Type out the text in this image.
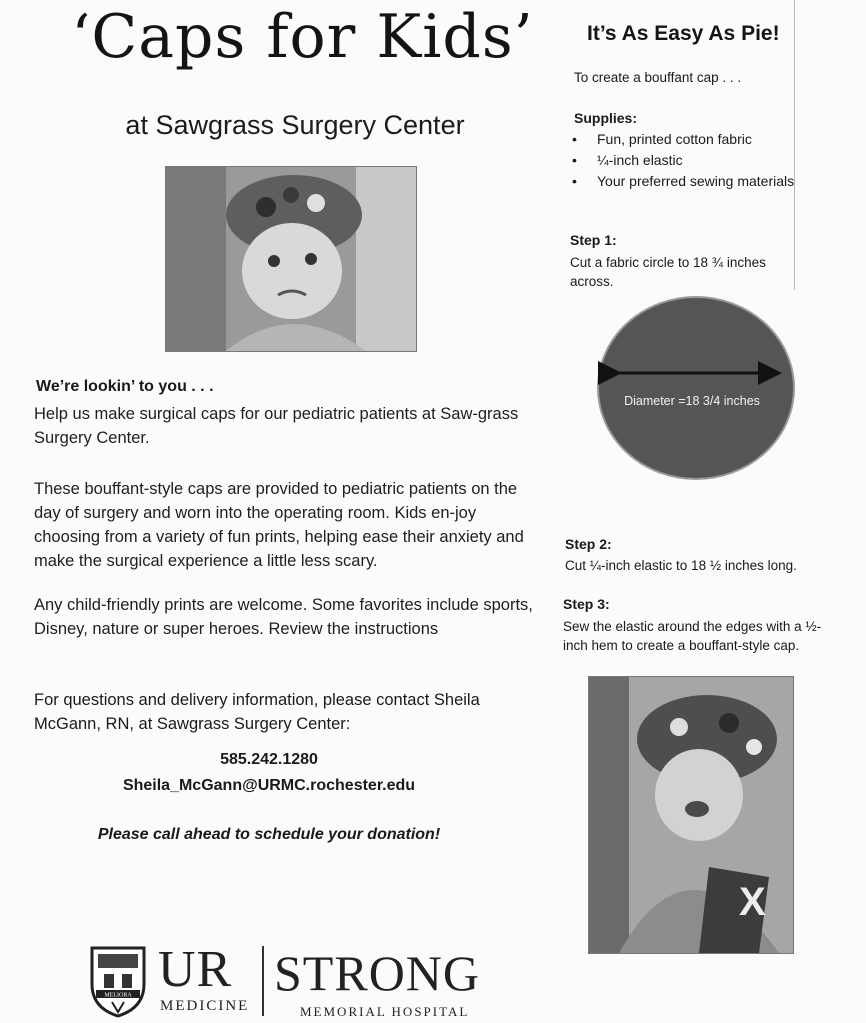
‘Caps for Kids’
at Sawgrass Surgery Center
We’re lookin’ to you . . .
Help us make surgical caps for our pediatric patients at Saw-grass Surgery Center.
These bouffant-style caps are provided to pediatric patients on the day of surgery and worn into the operating room. Kids en-joy choosing from a variety of fun prints, helping ease their anxiety and make the surgical experience a little less scary.
Any child-friendly prints are welcome. Some favorites include sports, Disney, nature or super heroes. Review the instructions
For questions and delivery information, please contact Sheila McGann, RN, at Sawgrass Surgery Center:
585.242.1280
Sheila_McGann@URMC.rochester.edu
Please call ahead to schedule your donation!
MELIORA UR
MEDICINE
STRONG
MEMORIAL HOSPITAL
It’s As Easy As Pie!
To create a bouffant cap . . .
Supplies:
• Fun, printed cotton fabric
• ¼-inch elastic
• Your preferred sewing materials
Step 1:
Cut a fabric circle to 18 ¾ inches across.
Diameter =18 3/4 inches
Step 2:
Cut ¼-inch elastic to 18 ½ inches long.
Step 3:
Sew the elastic around the edges with a ½-inch hem to create a bouffant-style cap.
X
